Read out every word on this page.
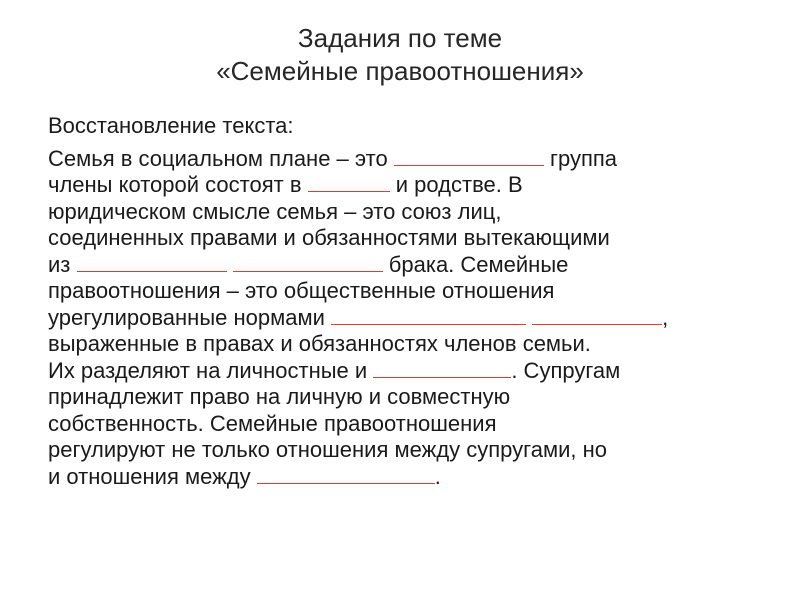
Задания по теме
«Семейные правоотношения»

Восстановление текста:

Семья в социальном плане – это	группа
члены которой состоят в	и родстве. В
юридическом смысле семья – это союз лиц,
соединенных правами и обязанностями вытекающими
из	брака. Семейные
правоотношения – это общественные отношения
урегулированные нормами	,
выраженные в правах и обязанностях членов семьи.
Их разделяют на личностные и	. Супругам
принадлежит право на личную и совместную
собственность. Семейные правоотношения
регулируют не только отношения между супругами, но
и отношения между	.
